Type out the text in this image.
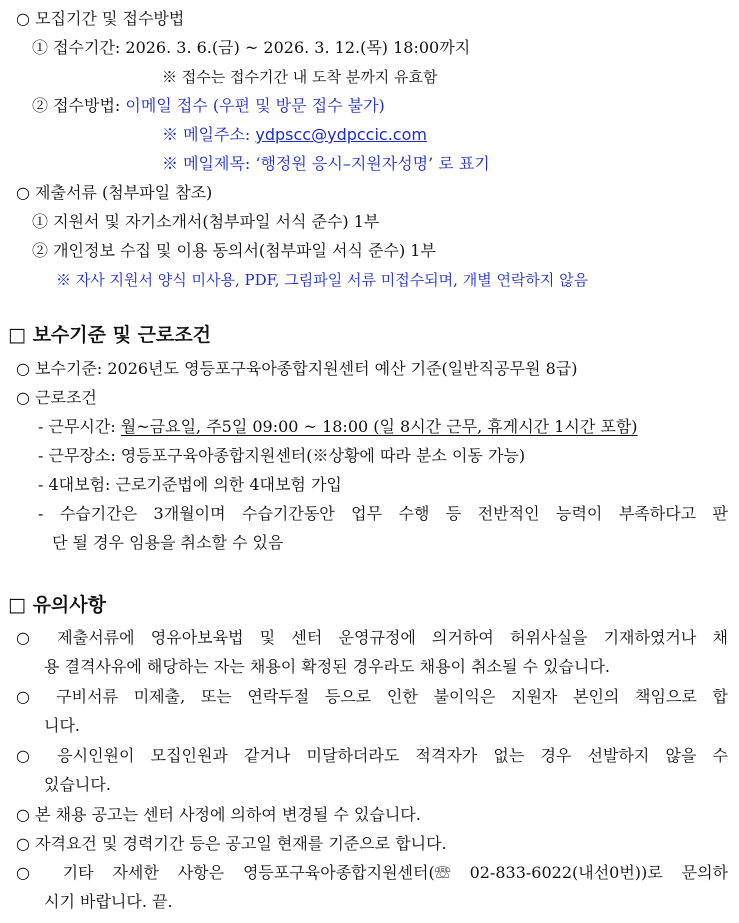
○ 모집기간 및 접수방법
① 접수기간: 2026. 3. 6.(금) ~ 2026. 3. 12.(목) 18:00까지
※ 접수는 접수기간 내 도착 분까지 유효함
② 접수방법: 이메일 접수 (우편 및 방문 접수 불가)
※ 메일주소: ydpscc@ydpccic.com
※ 메일제목: ‘행정원 응시–지원자성명’ 로 표기
○ 제출서류 (첨부파일 참조)
① 지원서 및 자기소개서(첨부파일 서식 준수) 1부
② 개인정보 수집 및 이용 동의서(첨부파일 서식 준수) 1부
※ 자사 지원서 양식 미사용, PDF, 그림파일 서류 미접수되며, 개별 연락하지 않음
□ 보수기준 및 근로조건
○ 보수기준: 2026년도 영등포구육아종합지원센터 예산 기준(일반직공무원 8급)
○ 근로조건
- 근무시간: 월~금요일, 주5일 09:00 ~ 18:00 (일 8시간 근무, 휴게시간 1시간 포함)
- 근무장소: 영등포구육아종합지원센터(※상황에 따라 분소 이동 가능)
- 4대보험: 근로기준법에 의한 4대보험 가입
- 수습기간은 3개월이며 수습기간동안 업무 수행 등 전반적인 능력이 부족하다고 판
단 될 경우 임용을 취소할 수 있음
□ 유의사항
○ 제출서류에 영유아보육법 및 센터 운영규정에 의거하여 허위사실을 기재하였거나 채
용 결격사유에 해당하는 자는 채용이 확정된 경우라도 채용이 취소될 수 있습니다.
○ 구비서류 미제출, 또는 연락두절 등으로 인한 불이익은 지원자 본인의 책임으로 합
니다.
○ 응시인원이 모집인원과 같거나 미달하더라도 적격자가 없는 경우 선발하지 않을 수
있습니다.
○ 본 채용 공고는 센터 사정에 의하여 변경될 수 있습니다.
○ 자격요건 및 경력기간 등은 공고일 현재를 기준으로 합니다.
○ 기타 자세한 사항은 영등포구육아종합지원센터(☏ 02-833-6022(내선0번))로 문의하
시기 바랍니다. 끝.
